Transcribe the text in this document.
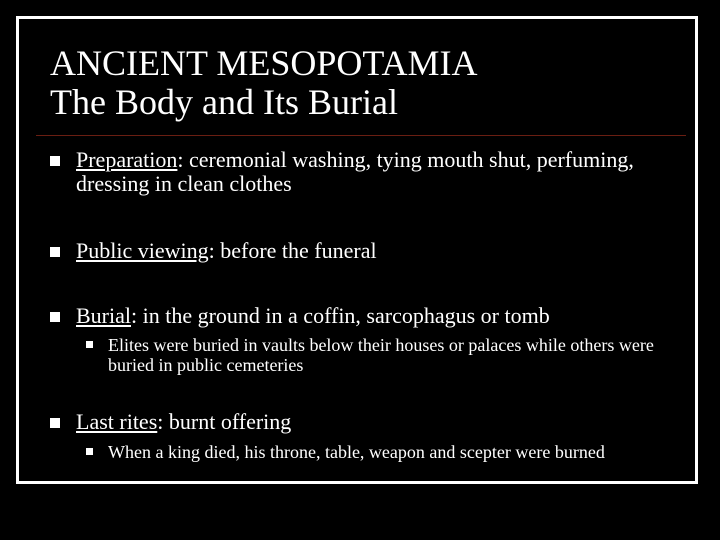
ANCIENT MESOPOTAMIA
The Body and Its Burial
Preparation: ceremonial washing, tying mouth shut, perfuming, dressing in clean clothes
Public viewing: before the funeral
Burial: in the ground in a coffin, sarcophagus or tomb
Elites were buried in vaults below their houses or palaces while others were buried in public cemeteries
Last rites: burnt offering
When a king died, his throne, table, weapon and scepter were burned
